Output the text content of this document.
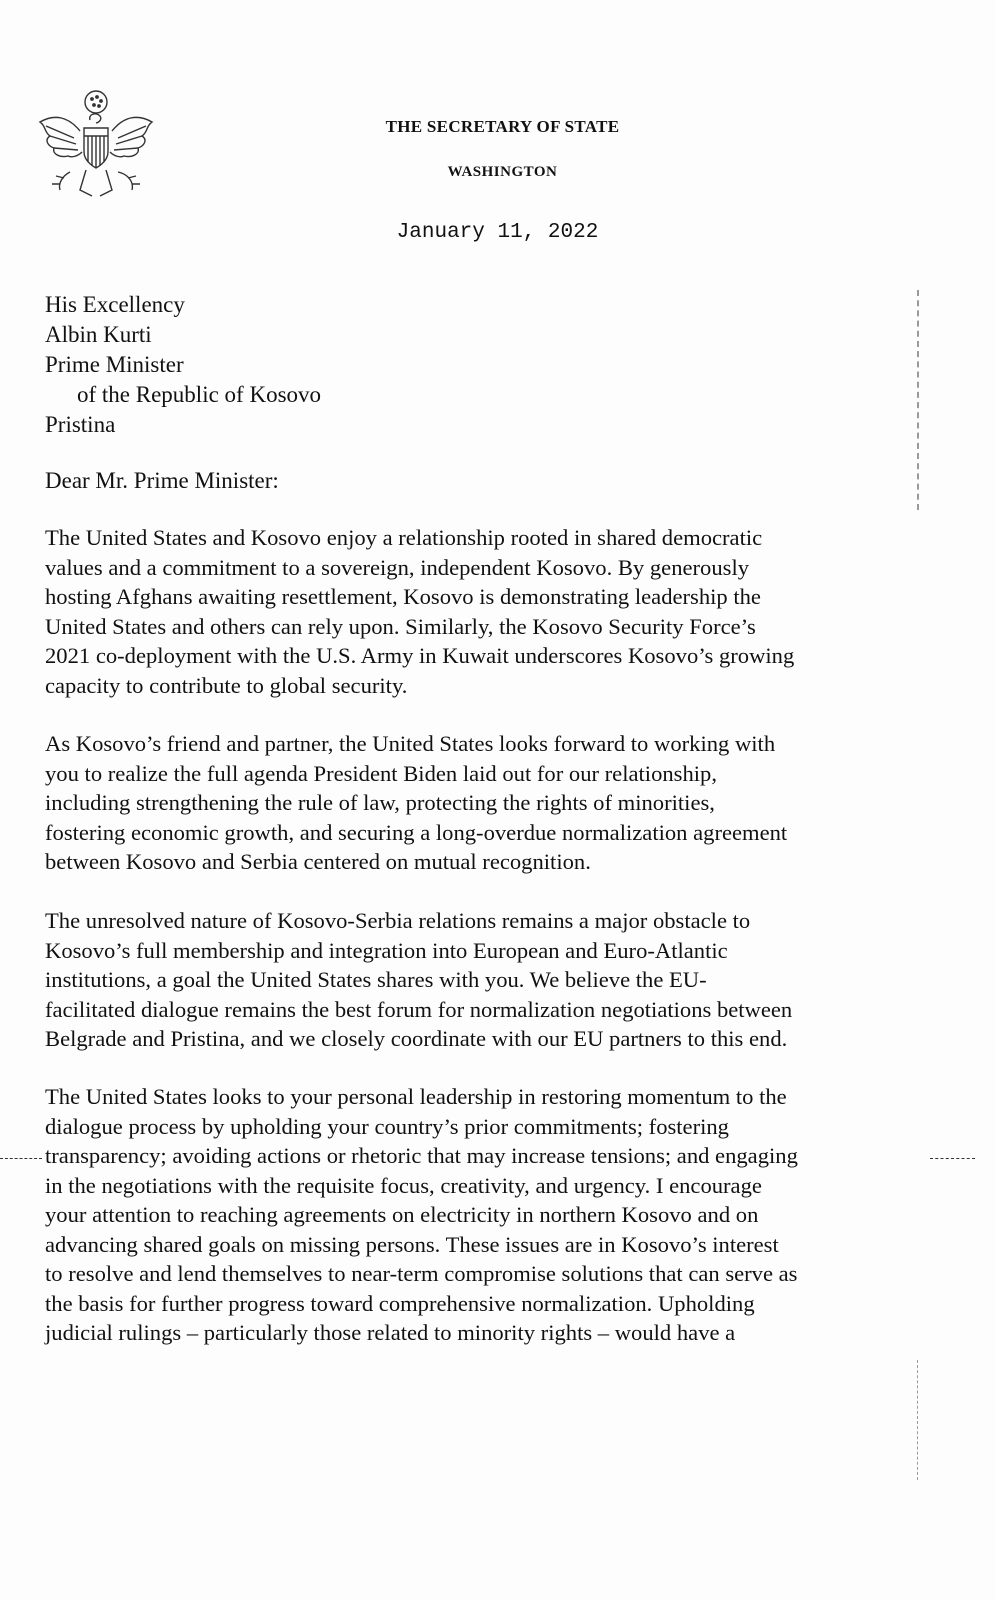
THE SECRETARY OF STATE
WASHINGTON
January 11, 2022
His Excellency
Albin Kurti
Prime Minister
of the Republic of Kosovo
Pristina
Dear Mr. Prime Minister:
The United States and Kosovo enjoy a relationship rooted in shared democratic
values and a commitment to a sovereign, independent Kosovo. By generously
hosting Afghans awaiting resettlement, Kosovo is demonstrating leadership the
United States and others can rely upon. Similarly, the Kosovo Security Force’s
2021 co-deployment with the U.S. Army in Kuwait underscores Kosovo’s growing
capacity to contribute to global security.
As Kosovo’s friend and partner, the United States looks forward to working with
you to realize the full agenda President Biden laid out for our relationship,
including strengthening the rule of law, protecting the rights of minorities,
fostering economic growth, and securing a long-overdue normalization agreement
between Kosovo and Serbia centered on mutual recognition.
The unresolved nature of Kosovo-Serbia relations remains a major obstacle to
Kosovo’s full membership and integration into European and Euro-Atlantic
institutions, a goal the United States shares with you. We believe the EU-
facilitated dialogue remains the best forum for normalization negotiations between
Belgrade and Pristina, and we closely coordinate with our EU partners to this end.
The United States looks to your personal leadership in restoring momentum to the
dialogue process by upholding your country’s prior commitments; fostering
transparency; avoiding actions or rhetoric that may increase tensions; and engaging
in the negotiations with the requisite focus, creativity, and urgency. I encourage
your attention to reaching agreements on electricity in northern Kosovo and on
advancing shared goals on missing persons. These issues are in Kosovo’s interest
to resolve and lend themselves to near-term compromise solutions that can serve as
the basis for further progress toward comprehensive normalization. Upholding
judicial rulings – particularly those related to minority rights – would have a
